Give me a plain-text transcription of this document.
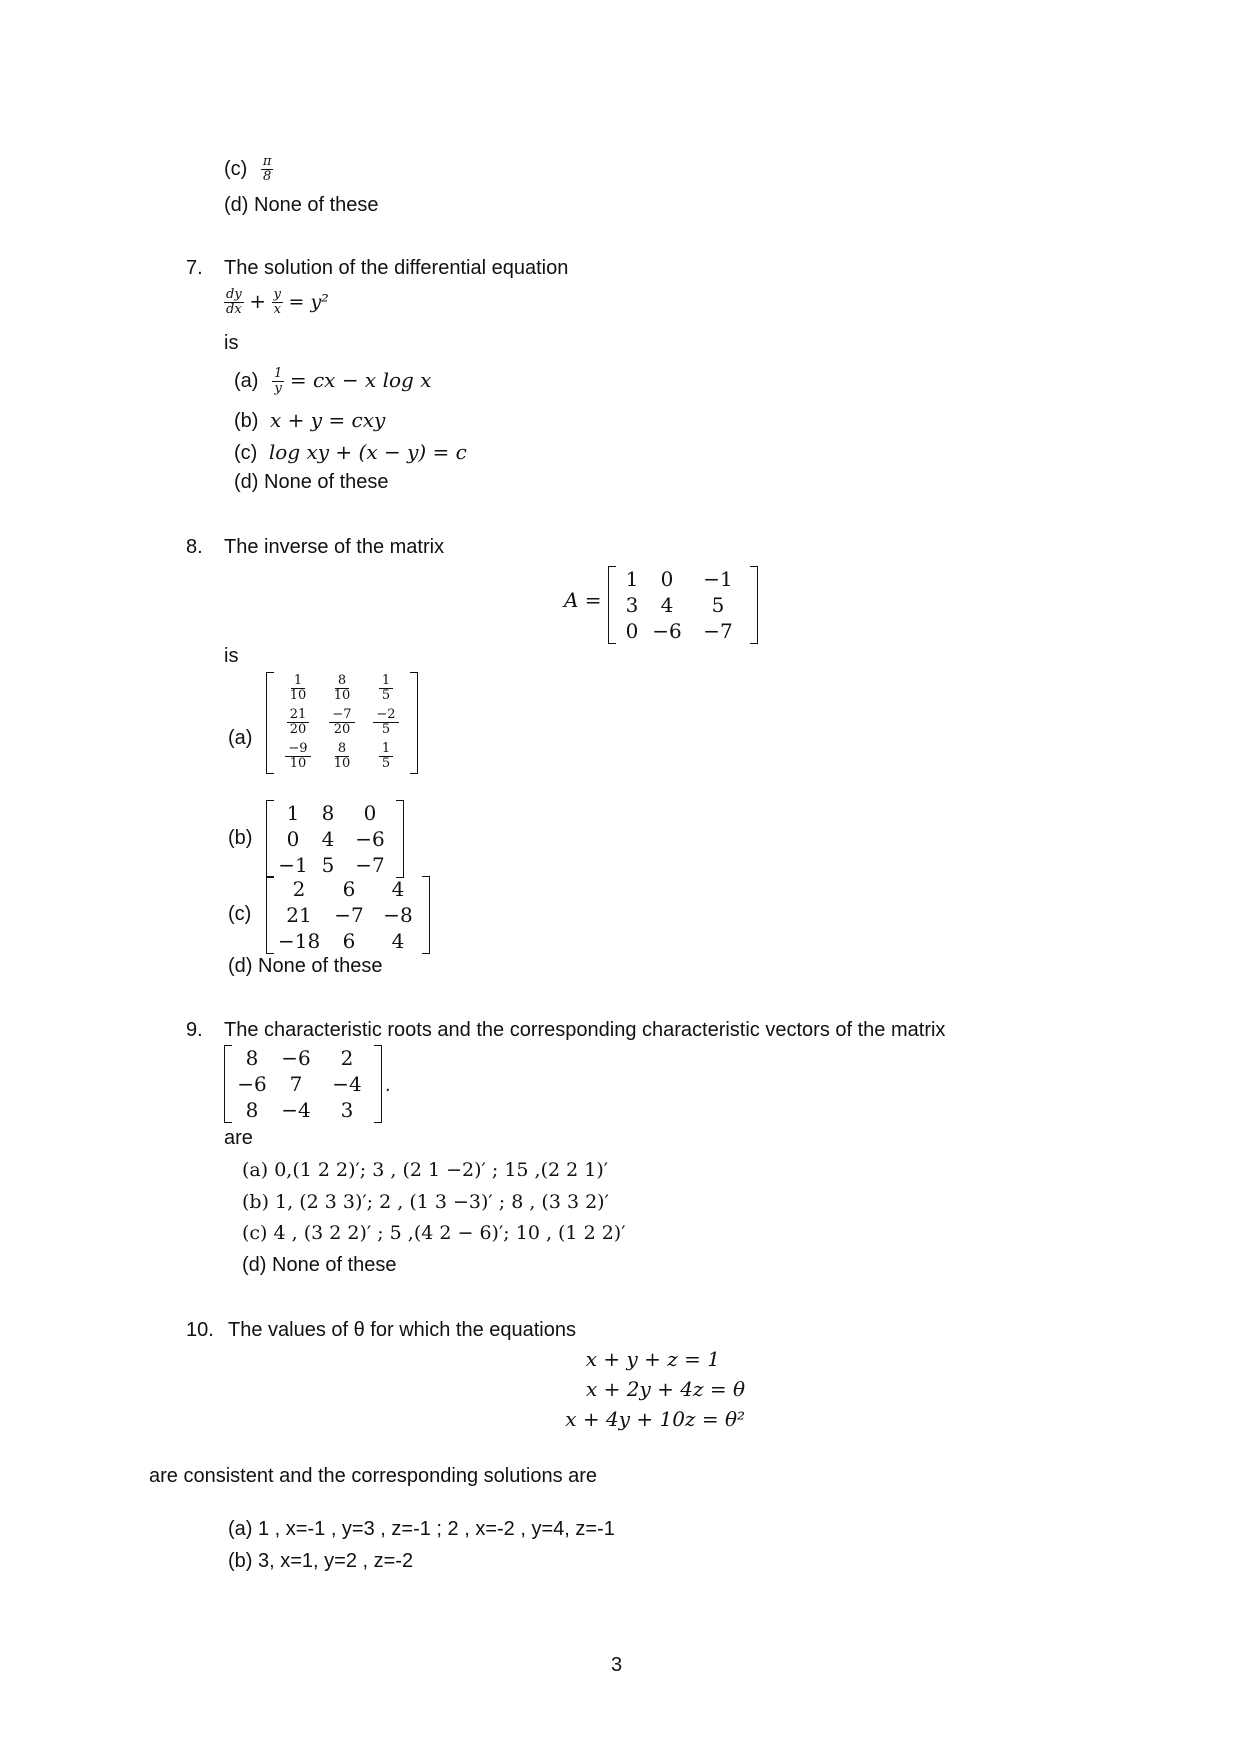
$(c) \frac{\pi}{8}$
(d) None of these
7. The solution of the differential equation
$\frac{dy}{dx} + \frac{y}{x} = y^2$
is
$(a) \frac{1}{y}$ = cx − x log x
(b) x + y = cxy
(c) log xy + (x − y) = c
(d) None of these
8. The inverse of the matrix
A =
1	0	−1
3	4	5
0 −6	−7
is
(a)
$\frac{1}{10} \frac{8}{10} \frac{1}{5}$
$\frac{21}{20} \frac{-7}{20} \frac{-2}{5}$
$\frac{-9}{10} \frac{8}{10} \frac{1}{5}$
(b)
1	8	0
0	4	−6
−1 5	−7
(c)
2	6	4
21	−7 −8
−18	6	4
(d) None of these
9. The characteristic roots and the corresponding characteristic vectors of the matrix
8	−6	2
−6	7	−4
8	−4	3
.
are
(a) 0,(1 2 2)′; 3 , (2 1 −2)′ ; 15 ,(2 2 1)′
(b) 1, (2 3 3)′; 2 , (1 3 −3)′ ; 8 , (3 3 2)′
(c) 4 , (3 2 2)′ ; 5 ,(4 2 − 6)′; 10 , (1 2 2)′
(d) None of these
10. The values of θ for which the equations
x + y + z = 1
x + 2y + 4z = θ
x + 4y + 10z = θ²
are consistent and the corresponding solutions are
(a) 1 , x=-1 , y=3 , z=-1 ; 2 , x=-2 , y=4, z=-1
(b) 3, x=1, y=2 , z=-2
3
